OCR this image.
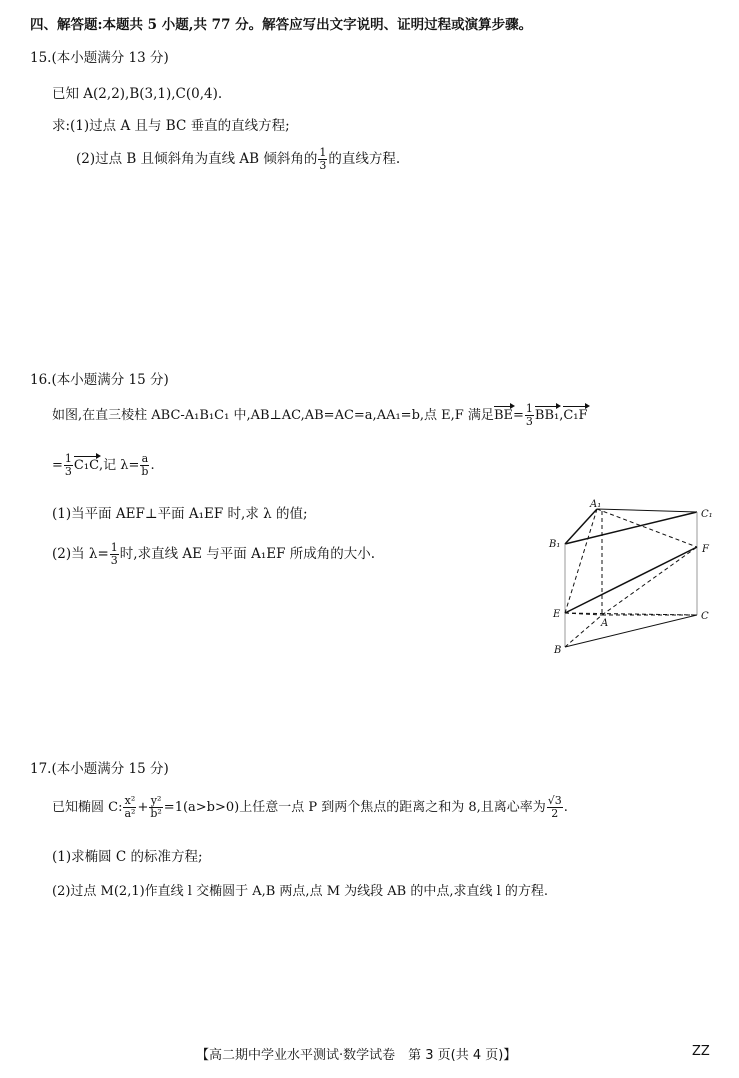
四、解答题:本题共 5 小题,共 77 分。解答应写出文字说明、证明过程或演算步骤。
15.(本小题满分 13 分)
已知 A(2,2),B(3,1),C(0,4).
求:(1)过点 A 且与 BC 垂直的直线方程;
(2)过点 B 且倾斜角为直线 AB 倾斜角的 $\frac{1}{3}$ 的直线方程.
16.(本小题满分 15 分)
如图,在直三棱柱 ABC-A₁B₁C₁ 中,AB⊥AC,AB=AC=a,AA₁=b,点 E,F 满足$BE= \frac{1}{3} BB_1,C_1F$
= $\frac{1}{3} C_1C$,记 $\lambda= \frac{a}{b}$ .
(1)当平面 AEF⊥平面 A₁EF 时,求 λ 的值;
(2)当 $\lambda= \frac{1}{3}$ 时,求直线 AE 与平面 A₁EF 所成角的大小.
A₁
C₁
B₁	F
E
A
C
B
17.(本小题满分 15 分)
已知椭圆 C: $\frac{\text{x²}}{\text{a²}} + \frac{\text{y²}}{\text{b²}} =1(a>b>0)$上任意一点 P 到两个焦点的距离之和为 8,且离心率为 $\frac{√3}{2}$ .
(1)求椭圆 C 的标准方程;
(2)过点 M(2,1)作直线 l 交椭圆于 A,B 两点,点 M 为线段 AB 的中点,求直线 l 的方程.
【高二期中学业水平测试·数学试卷　第 3 页(共 4 页)】	ZZ
